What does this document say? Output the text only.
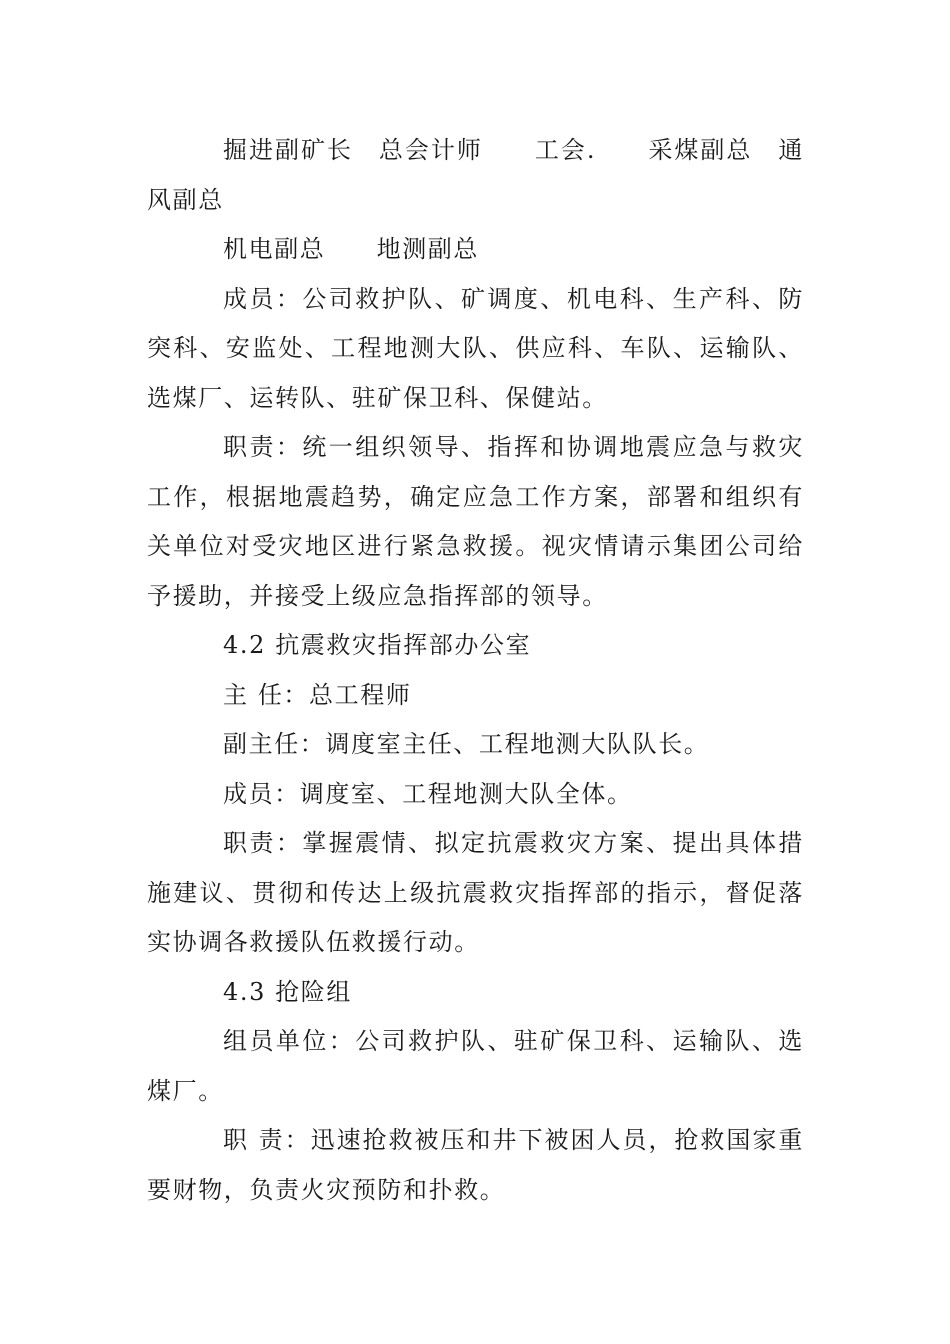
掘进副矿长　总会计师　　工会.　　采煤副总　通风副总

机电副总　　地测副总

成员：公司救护队、矿调度、机电科、生产科、防突科、安监处、工程地测大队、供应科、车队、运输队、选煤厂、运转队、驻矿保卫科、保健站。

职责：统一组织领导、指挥和协调地震应急与救灾工作，根据地震趋势，确定应急工作方案，部署和组织有关单位对受灾地区进行紧急救援。视灾情请示集团公司给予援助，并接受上级应急指挥部的领导。

4.2 抗震救灾指挥部办公室

主 任：总工程师

副主任：调度室主任、工程地测大队队长。

成员：调度室、工程地测大队全体。

职责：掌握震情、拟定抗震救灾方案、提出具体措施建议、贯彻和传达上级抗震救灾指挥部的指示，督促落实协调各救援队伍救援行动。

4.3 抢险组

组员单位：公司救护队、驻矿保卫科、运输队、选煤厂。

职 责：迅速抢救被压和井下被困人员，抢救国家重要财物，负责火灾预防和扑救。
